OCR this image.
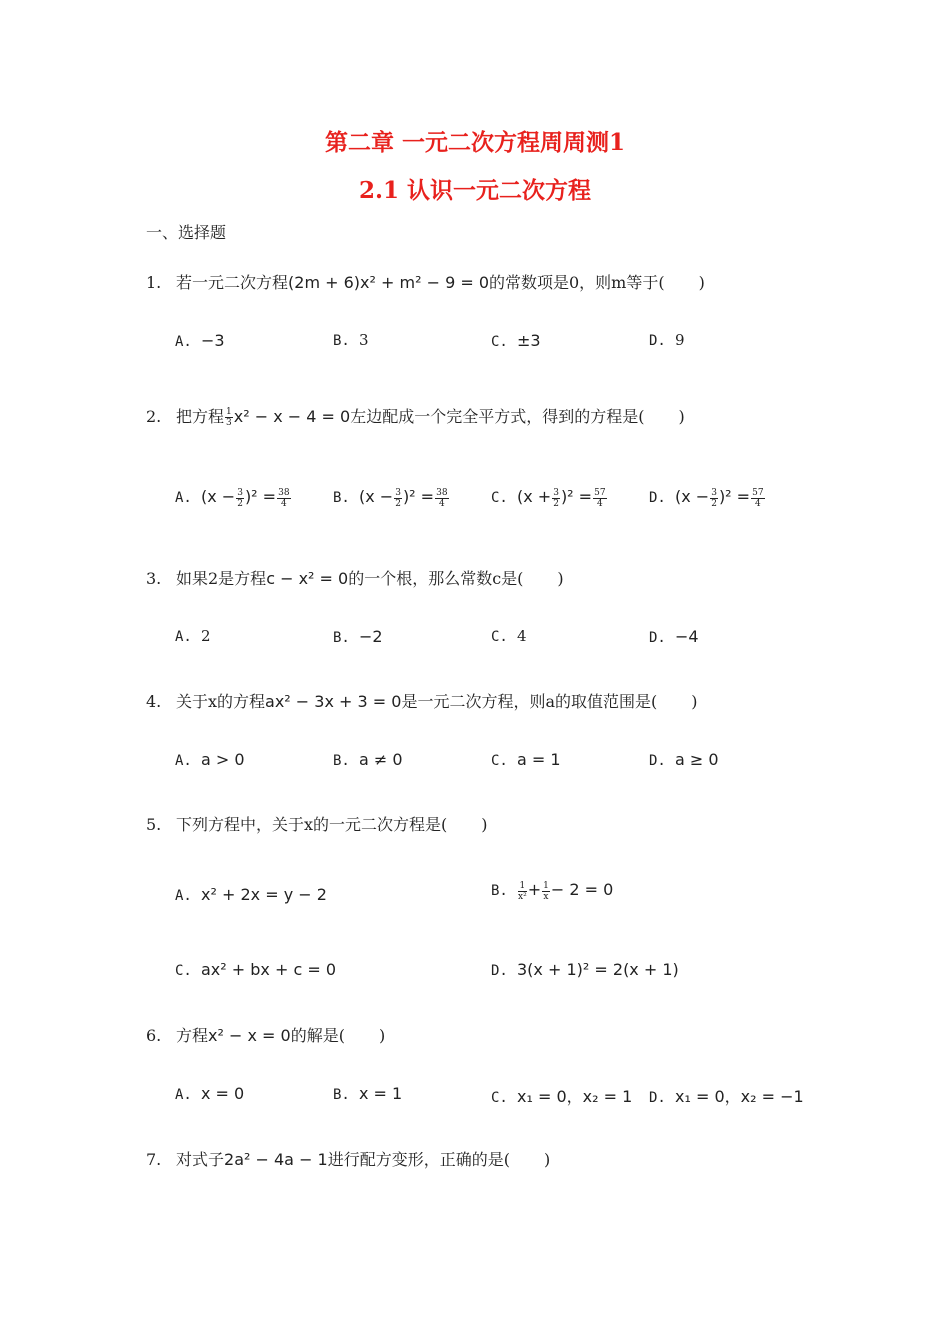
第二章 一元二次方程周周测1
2.1 认识一元二次方程
一、选择题
1. 若一元二次方程(2m + 6)x² + m² − 9 = 0的常数项是0，则m等于( )
A. −3	B. 3	C. ±3	D. 9
2. 把方程 $\frac{1}{3} x^2 - x - 4 = 0$左边配成一个完全平方式，得到的方程是( )
A. $(x - \frac{3}{2} )^2 = \frac{38}{4}$	B. $(x - \frac{3}{2} )^2 = \frac{38}{4}$	C. $(x + \frac{3}{2} )^2 = \frac{57}{4}$	D. $(x - \frac{3}{2} )^2 = \frac{57}{4}$
3. 如果2是方程c − x² = 0的一个根，那么常数c是( )
A. 2	B. −2	C. 4	D. −4
4. 关于x的方程ax² − 3x + 3 = 0是一元二次方程，则a的取值范围是( )
A. a > 0	B. a ≠ 0	C. a = 1	D. a ≥ 0
5. 下列方程中，关于x的一元二次方程是( )
A. x² + 2x = y − 2	B. $\frac{1}{\text{x²}} + \frac{1}{x} - 2 = 0$
C. ax² + bx + c = 0	D. 3(x + 1)² = 2(x + 1)
6. 方程x² − x = 0的解是( )
A. x = 0	B. x = 1	C. x₁ = 0，x₂ = 1 D. x₁ = 0，x₂ = −1
7. 对式子2a² − 4a − 1进行配方变形，正确的是( )
